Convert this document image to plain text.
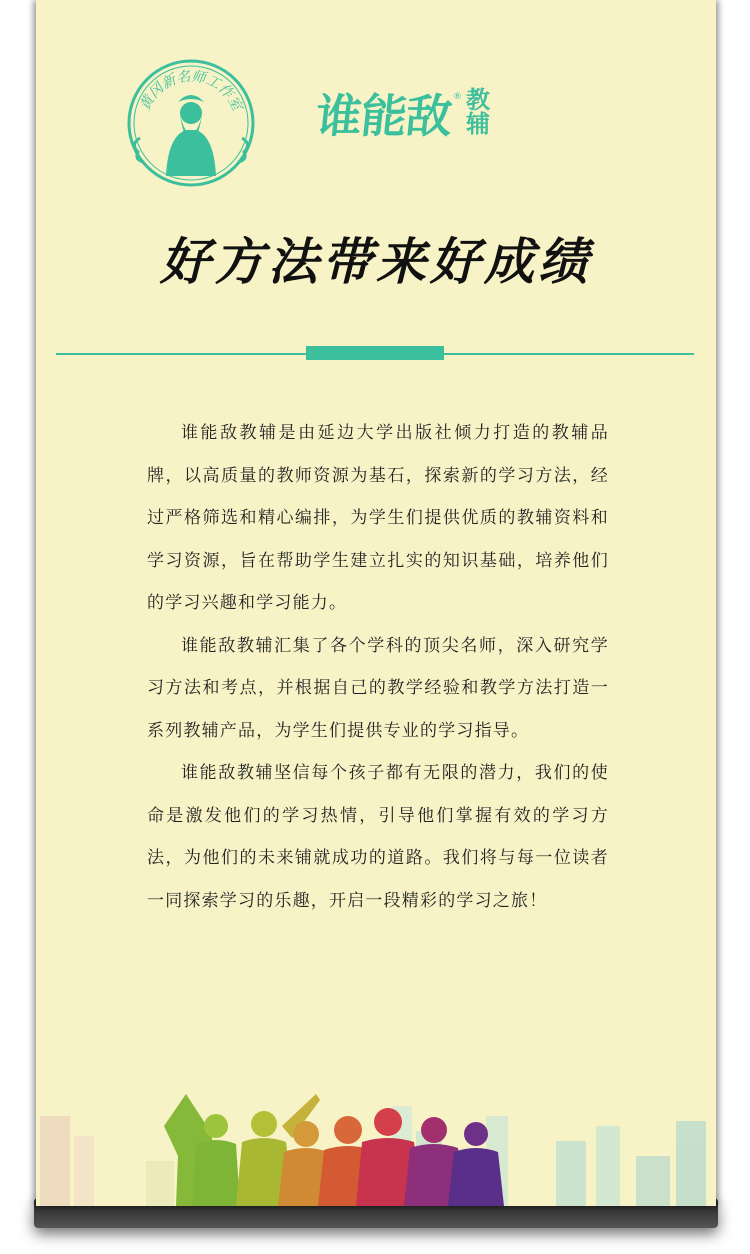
黄冈新名师工作室 谁能敌 ® 教辅
好方法带来好成绩

谁能敌教辅是由延边大学出版社倾力打造的教辅品牌，以高质量的教师资源为基石，探索新的学习方法，经过严格筛选和精心编排，为学生们提供优质的教辅资料和学习资源，旨在帮助学生建立扎实的知识基础，培养他们的学习兴趣和学习能力。

谁能敌教辅汇集了各个学科的顶尖名师，深入研究学习方法和考点，并根据自己的教学经验和教学方法打造一系列教辅产品，为学生们提供专业的学习指导。

谁能敌教辅坚信每个孩子都有无限的潜力，我们的使命是激发他们的学习热情，引导他们掌握有效的学习方法，为他们的未来铺就成功的道路。我们将与每一位读者一同探索学习的乐趣，开启一段精彩的学习之旅！
